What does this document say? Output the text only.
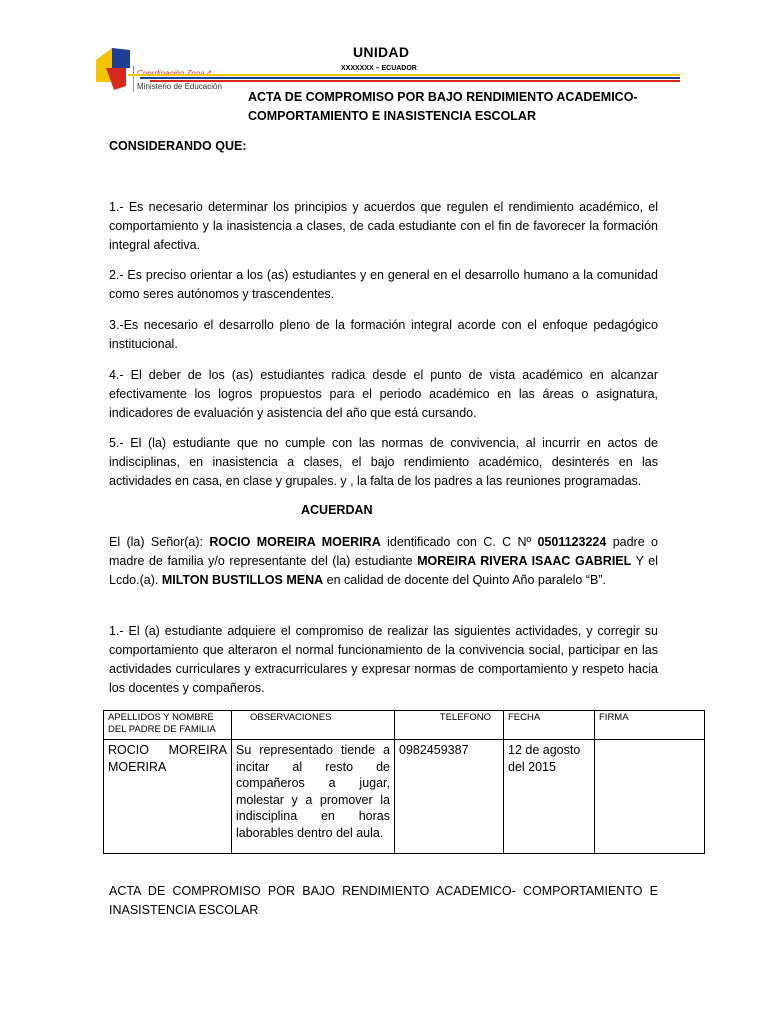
Ministerio de Educación
UNIDAD
XXXXXXX – ECUADOR
ACTA DE COMPROMISO POR BAJO RENDIMIENTO ACADEMICO-
COMPORTAMIENTO E INASISTENCIA ESCOLAR
CONSIDERANDO QUE:
1.- Es necesario determinar los principios y acuerdos que regulen el rendimiento académico, el comportamiento y la inasistencia a clases, de cada estudiante con el fin de favorecer la formación integral afectiva.
2.- Es preciso orientar a los (as) estudiantes y en general en el desarrollo humano a la comunidad como seres autónomos y trascendentes.
3.-Es necesario el desarrollo pleno de la formación integral acorde con el enfoque pedagógico institucional.
4.- El deber de los (as) estudiantes radica desde el punto de vista académico en alcanzar efectivamente los logros propuestos para el periodo académico en las áreas o asignatura, indicadores de evaluación y asistencia del año que está cursando.
5.- El (la) estudiante que no cumple con las normas de convivencia, al incurrir en actos de indisciplinas, en inasistencia a clases, el bajo rendimiento académico, desinterés en las actividades en casa, en clase y grupales. y , la falta de los padres a las reuniones programadas.
ACUERDAN
El (la) Señor(a): ROCIO MOREIRA MOERIRA identificado con C. C Nº 0501123224 padre o madre de familia y/o representante del (la) estudiante MOREIRA RIVERA ISAAC GABRIEL Y el Lcdo.(a). MILTON BUSTILLOS MENA en calidad de docente del Quinto Año paralelo “B”.
1.- El (a) estudiante adquiere el compromiso de realizar las siguientes actividades, y corregir su comportamiento que alteraron el normal funcionamiento de la convivencia social, participar en las actividades curriculares y extracurriculares y expresar normas de comportamiento y respeto hacia los docentes y compañeros.
APELLIDOS Y NOMBRE DEL PADRE DE FAMILIA	OBSERVACIONES	TELEFONO	FECHA	FIRMA
ROCIO MOREIRA MOERIRA	Su representado tiende a incitar al resto de compañeros a jugar, molestar y a promover la indisciplina en horas laborables dentro del aula.	0982459387	12 de agosto del 2015	
ACTA DE COMPROMISO POR BAJO RENDIMIENTO ACADEMICO- COMPORTAMIENTO E INASISTENCIA ESCOLAR
